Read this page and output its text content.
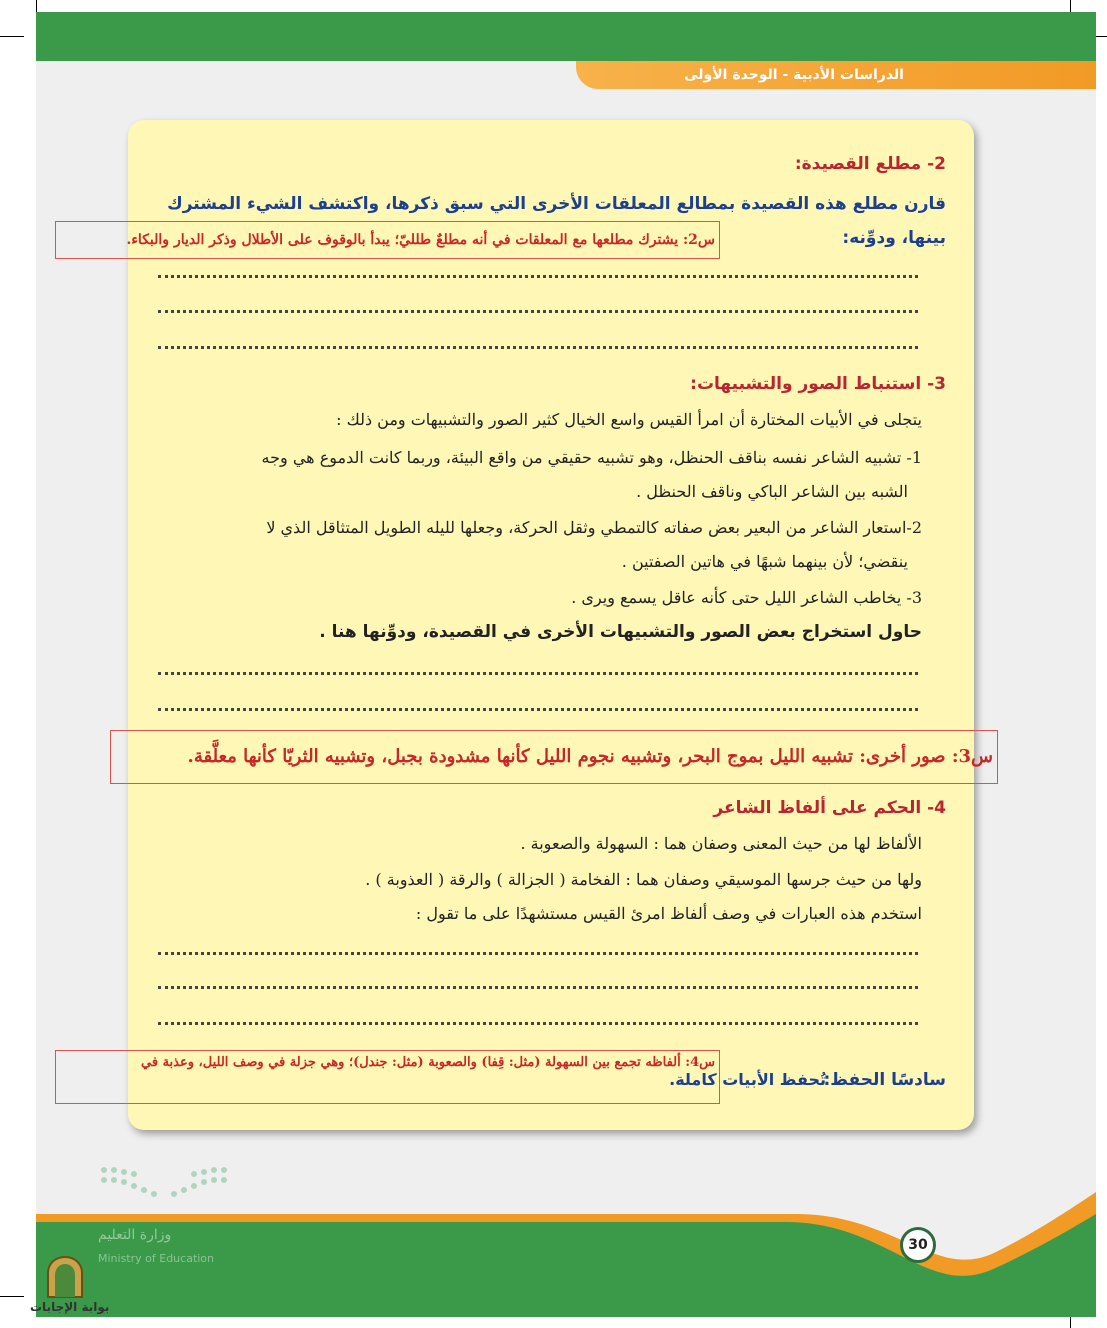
الدراسات الأدبية - الوحدة الأولى
2- مطلع القصيدة:
قارن مطلع هذه القصيدة بمطالع المعلقات الأخرى التي سبق ذكرها، واكتشف الشيء المشترك
بينها، ودوِّنه:
3- استنباط الصور والتشبيهات:
يتجلى في الأبيات المختارة أن امرأ القيس واسع الخيال كثير الصور والتشبيهات ومن ذلك :
1- تشبيه الشاعر نفسه بناقف الحنظل، وهو تشبيه حقيقي من واقع البيئة، وربما كانت الدموع هي وجه
الشبه بين الشاعر الباكي وناقف الحنظل .
2-استعار الشاعر من البعير بعض صفاته كالتمطي وثقل الحركة، وجعلها لليله الطويل المتثاقل الذي لا
ينقضي؛ لأن بينهما شبهًا في هاتين الصفتين .
3- يخاطب الشاعر الليل حتى كأنه عاقل يسمع ويرى .
حاول استخراج بعض الصور والتشبيهات الأخرى في القصيدة، ودوِّنها هنا .
4- الحكم على ألفاظ الشاعر
الألفاظ لها من حيث المعنى وصفان هما : السهولة والصعوبة .
ولها من حيث جرسها الموسيقي وصفان هما : الفخامة ( الجزالة ) والرقة ( العذوبة ) .
استخدم هذه العبارات في وصف ألفاظ امرئ القيس مستشهدًا على ما تقول :
سادسًا الحفظ:
تُحفظ الأبيات كاملة.
س2: يشترك مطلعها مع المعلقات في أنه مطلعٌ طلليّ؛ يبدأ بالوقوف على الأطلال وذكر الديار والبكاء.
س3: صور أخرى: تشبيه الليل بموج البحر، وتشبيه نجوم الليل كأنها مشدودة بجبل، وتشبيه الثريّا كأنها معلَّقة.
س4: ألفاظه تجمع بين السهولة (مثل: قِفا) والصعوبة (مثل: جندل)؛ وهي جزلة في وصف الليل، وعذبة في
30
وزارة التعليم
Ministry of Education
بوابة الإجابات
